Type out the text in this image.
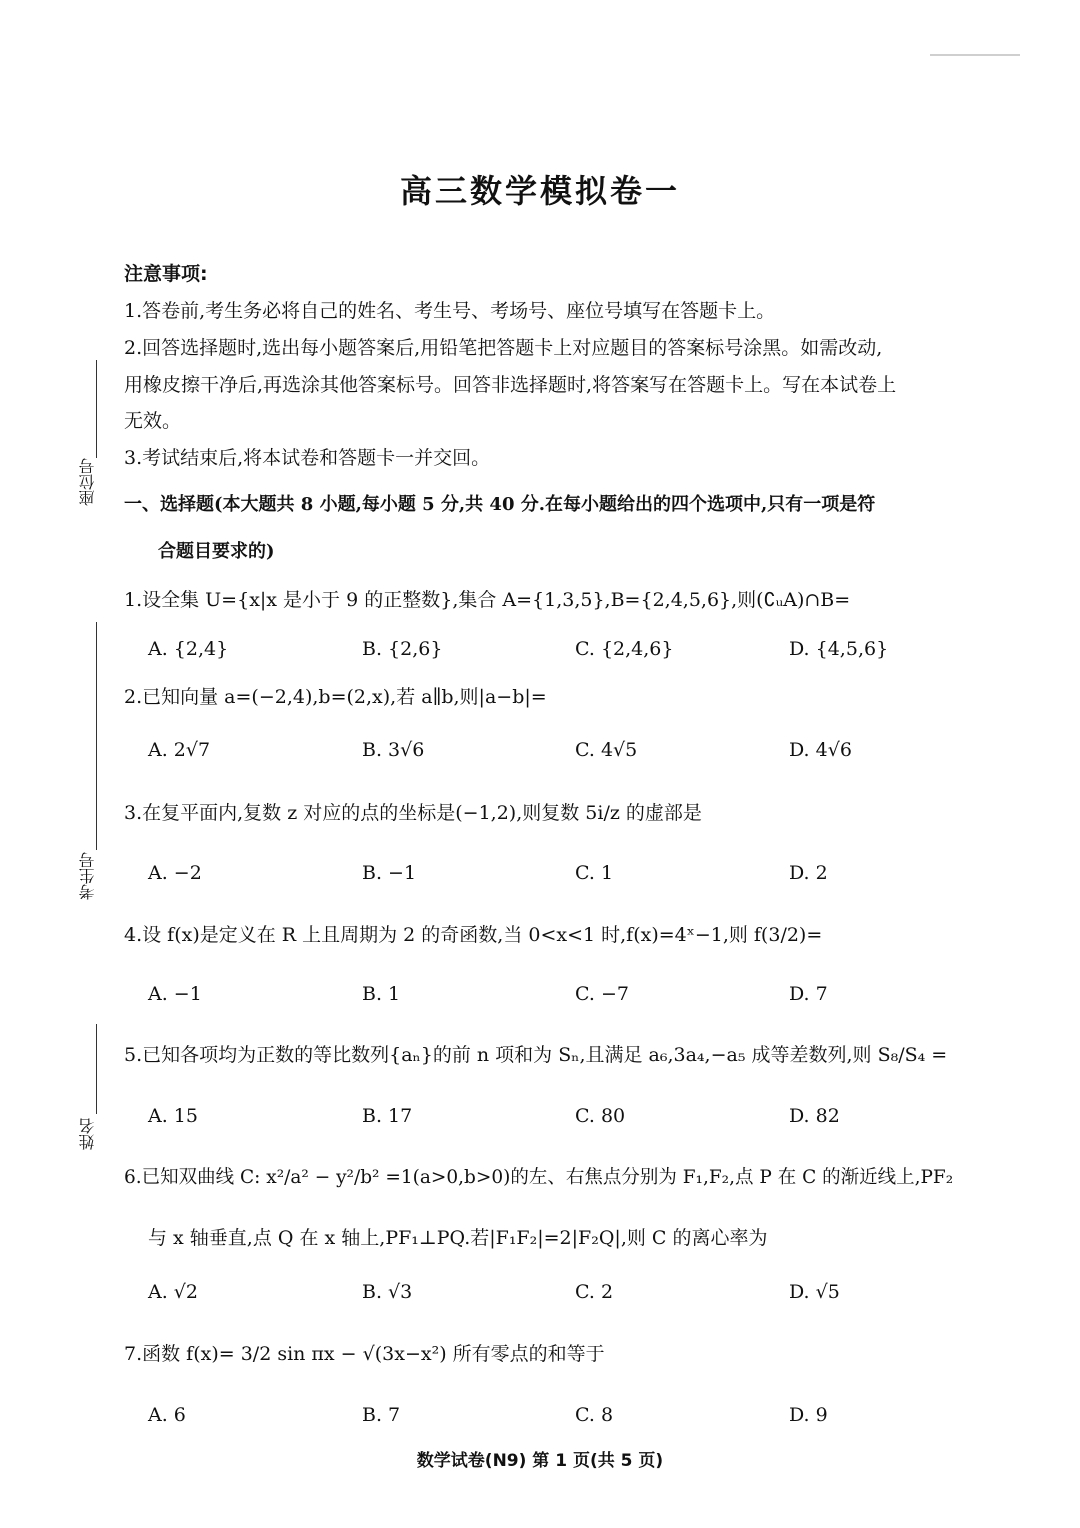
高三数学模拟卷一
注意事项:
1.答卷前,考生务必将自己的姓名、考生号、考场号、座位号填写在答题卡上。
2.回答选择题时,选出每小题答案后,用铅笔把答题卡上对应题目的答案标号涂黑。如需改动,
用橡皮擦干净后,再选涂其他答案标号。回答非选择题时,将答案写在答题卡上。写在本试卷上
无效。
3.考试结束后,将本试卷和答题卡一并交回。
一、选择题(本大题共 8 小题,每小题 5 分,共 40 分.在每小题给出的四个选项中,只有一项是符
合题目要求的)
1.设全集 U={x|x 是小于 9 的正整数},集合 A={1,3,5},B={2,4,5,6},则(∁ᵤA)∩B=
A. {2,4}	B. {2,6}	C. {2,4,6}	D. {4,5,6}
2.已知向量 a=(−2,4),b=(2,x),若 a∥b,则|a−b|=
A. 2√7	B. 3√6	C. 4√5	D. 4√6
3.在复平面内,复数 z 对应的点的坐标是(−1,2),则复数 5i/z 的虚部是
A. −2	B. −1	C. 1	D. 2
4.设 f(x)是定义在 R 上且周期为 2 的奇函数,当 0<x<1 时,f(x)=4ˣ−1,则 f(3/2)=
A. −1	B. 1	C. −7	D. 7
5.已知各项均为正数的等比数列{aₙ}的前 n 项和为 Sₙ,且满足 a₆,3a₄,−a₅ 成等差数列,则 S₈/S₄ =
A. 15	B. 17	C. 80	D. 82
6.已知双曲线 C: x²/a² − y²/b² =1(a>0,b>0)的左、右焦点分别为 F₁,F₂,点 P 在 C 的渐近线上,PF₂
与 x 轴垂直,点 Q 在 x 轴上,PF₁⊥PQ.若|F₁F₂|=2|F₂Q|,则 C 的离心率为
A. √2	B. √3	C. 2	D. √5
7.函数 f(x)= 3/2 sin πx − √(3x−x²) 所有零点的和等于
A. 6	B. 7	C. 8	D. 9
座位号
考生号
姓名
数学试卷(N9) 第 1 页(共 5 页)
